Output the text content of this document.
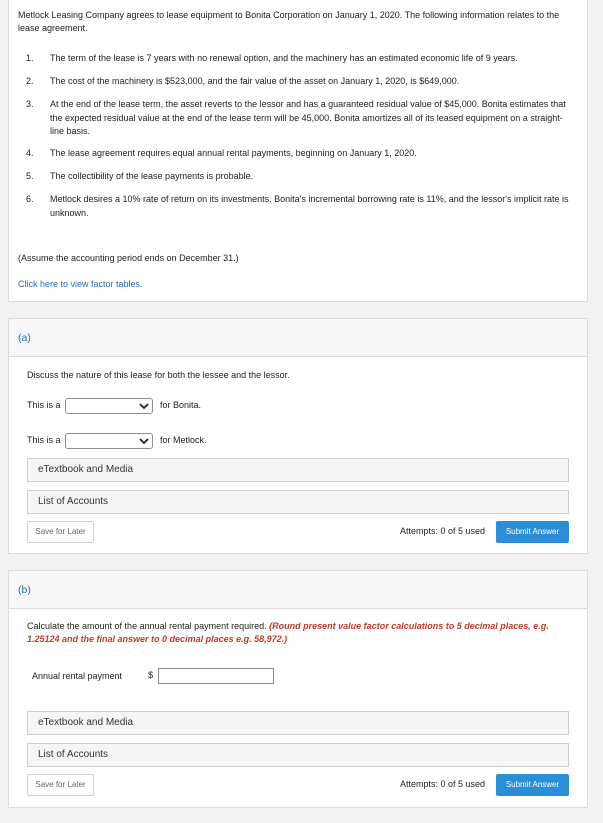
Metlock Leasing Company agrees to lease equipment to Bonita Corporation on January 1, 2020. The following information relates to the lease agreement.

1. The term of the lease is 7 years with no renewal option, and the machinery has an estimated economic life of 9 years.
2. The cost of the machinery is $523,000, and the fair value of the asset on January 1, 2020, is $649,000.
3. At the end of the lease term, the asset reverts to the lessor and has a guaranteed residual value of $45,000. Bonita estimates that the expected residual value at the end of the lease term will be 45,000. Bonita amortizes all of its leased equipment on a straight-line basis.
4. The lease agreement requires equal annual rental payments, beginning on January 1, 2020.
5. The collectibility of the lease payments is probable.
6. Metlock desires a 10% rate of return on its investments. Bonita's incremental borrowing rate is 11%, and the lessor's implicit rate is unknown.
(Assume the accounting period ends on December 31.)
Click here to view factor tables.
(a)
Discuss the nature of this lease for both the lessee and the lessor.
This is a	for Bonita.
This is a	for Metlock.
eTextbook and Media
List of Accounts
Save for Later	Attempts: 0 of 5 used	Submit Answer
(b)
Calculate the amount of the annual rental payment required. (Round present value factor calculations to 5 decimal places, e.g. 1.25124 and the final answer to 0 decimal places e.g. 58,972.)
Annual rental payment	$
eTextbook and Media
List of Accounts
Save for Later	Attempts: 0 of 5 used	Submit Answer
